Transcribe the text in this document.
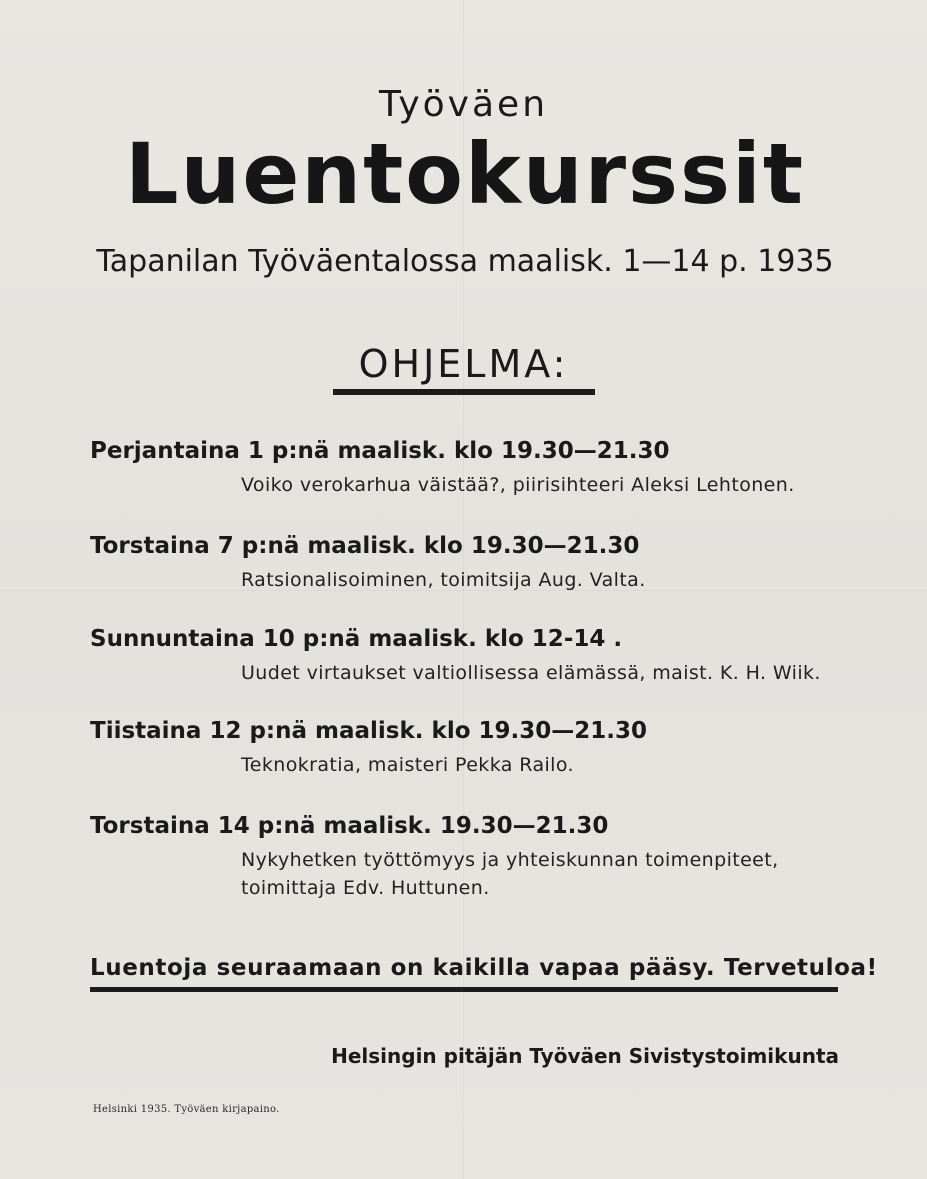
Työväen
Luentokurssit
Tapanilan Työväentalossa maalisk. 1—14 p. 1935
OHJELMA:
Perjantaina 1 p:nä maalisk. klo 19.30—21.30
Voiko verokarhua väistää?, piirisihteeri Aleksi Lehtonen.
Torstaina 7 p:nä maalisk. klo 19.30—21.30
Ratsionalisoiminen, toimitsija Aug. Valta.
Sunnuntaina 10 p:nä maalisk. klo 12-14 .
Uudet virtaukset valtiollisessa elämässä, maist. K. H. Wiik.
Tiistaina 12 p:nä maalisk. klo 19.30—21.30
Teknokratia, maisteri Pekka Railo.
Torstaina 14 p:nä maalisk. 19.30—21.30
Nykyhetken työttömyys ja yhteiskunnan toimenpiteet, toimittaja Edv. Huttunen.
Luentoja seuraamaan on kaikilla vapaa pääsy. Tervetuloa!
Helsingin pitäjän Työväen Sivistystoimikunta
Helsinki 1935. Työväen kirjapaino.
